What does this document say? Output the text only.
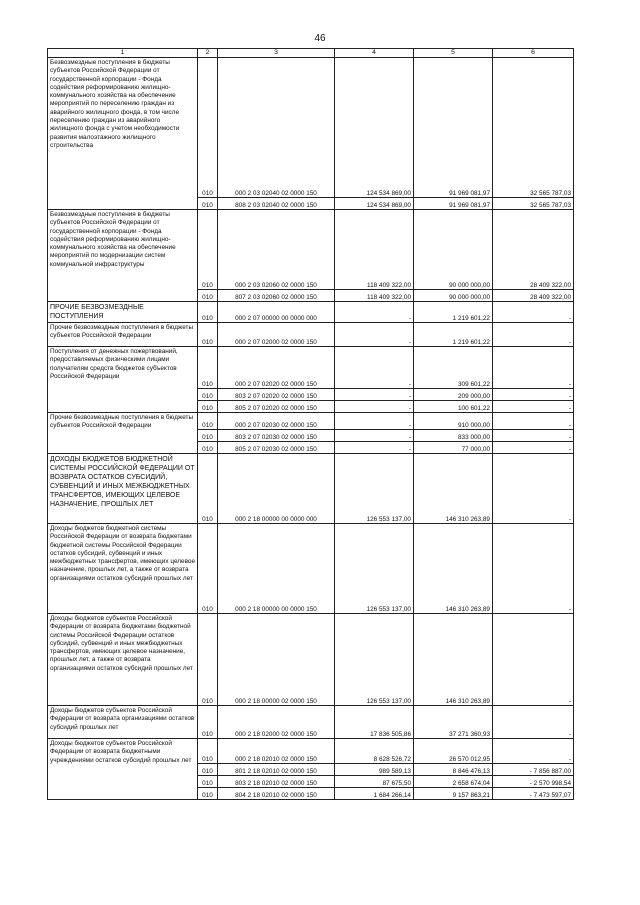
46
1	2	3	4	5	6
Безвозмездные поступления в бюджеты субъектов Российской Федерации от государственной корпорации - Фонда содействия реформированию жилищно-коммунального хозяйства на обеспечение мероприятий по переселению граждан из аварийного жилищного фонда, в том числе переселению граждан из аварийного жилищного фонда с учетом необходимости развития малоэтажного жилищного строительства	010	000 2 03 02040 02 0000 150	124 534 869,00	91 969 081,97	32 565 787,03
	010	808 2 03 02040 02 0000 150	124 534 869,00	91 969 081,97	32 565 787,03
Безвозмездные поступления в бюджеты субъектов Российской Федерации от государственной корпорации - Фонда содействия реформированию жилищно-коммунального хозяйства на обеспечение мероприятий по модернизации систем коммунальной инфраструктуры	010	000 2 03 02060 02 0000 150	118 409 322,00	90 000 000,00	28 409 322,00
	010	807 2 03 02060 02 0000 150	118 409 322,00	90 000 000,00	28 409 322,00
ПРОЧИЕ БЕЗВОЗМЕЗДНЫЕ ПОСТУПЛЕНИЯ	010	000 2 07 00000 00 0000 000	-	1 219 601,22	-
Прочие безвозмездные поступления в бюджеты субъектов Российской Федерации	010	000 2 07 02000 02 0000 150	-	1 219 601,22	-
Поступления от денежных пожертвований, предоставляемых физическими лицами получателям средств бюджетов субъектов Российской Федерации	010	000 2 07 02020 02 0000 150	-	309 601,22	-
	010	803 2 07 02020 02 0000 150	-	209 000,00	-
	010	805 2 07 02020 02 0000 150	-	100 601,22	-
Прочие безвозмездные поступления в бюджеты субъектов Российской Федерации	010	000 2 07 02030 02 0000 150	-	910 000,00	-
	010	803 2 07 02030 02 0000 150	-	833 000,00	-
	010	805 2 07 02030 02 0000 150	-	77 000,00	-
ДОХОДЫ БЮДЖЕТОВ БЮДЖЕТНОЙ СИСТЕМЫ РОССИЙСКОЙ ФЕДЕРАЦИИ ОТ ВОЗВРАТА ОСТАТКОВ СУБСИДИЙ, СУБВЕНЦИЙ И ИНЫХ МЕЖБЮДЖЕТНЫХ ТРАНСФЕРТОВ, ИМЕЮЩИХ ЦЕЛЕВОЕ НАЗНАЧЕНИЕ, ПРОШЛЫХ ЛЕТ	010	000 2 18 00000 00 0000 000	126 553 137,00	146 310 263,89	-
Доходы бюджетов бюджетной системы Российской Федерации от возврата бюджетами бюджетной системы Российской Федерации остатков субсидий, субвенций и иных межбюджетных трансфертов, имеющих целевое назначение, прошлых лет, а также от возврата организациями остатков субсидий прошлых лет	010	000 2 18 00000 00 0000 150	126 553 137,00	146 310 263,89	-
Доходы бюджетов субъектов Российской Федерации от возврата бюджетами бюджетной системы Российской Федерации остатков субсидий, субвенций и иных межбюджетных трансфертов, имеющих целевое назначение, прошлых лет, а также от возврата организациями остатков субсидий прошлых лет	010	000 2 18 00000 02 0000 150	126 553 137,00	146 310 263,89	-
Доходы бюджетов субъектов Российской Федерации от возврата организациями остатков субсидий прошлых лет	010	000 2 18 02000 02 0000 150	17 836 505,86	37 271 360,93	-
Доходы бюджетов субъектов Российской Федерации от возврата бюджетными учреждениями остатков субсидий прошлых лет	010	000 2 18 02010 02 0000 150	8 628 526,72	26 570 012,95	-
	010	801 2 18 02010 02 0000 150	989 589,13	8 846 476,13	- 7 856 887,00
	010	803 2 18 02010 02 0000 150	87 675,50	2 658 674,04	- 2 570 998,54
	010	804 2 18 02010 02 0000 150	1 684 266,14	9 157 863,21	- 7 473 597,07
